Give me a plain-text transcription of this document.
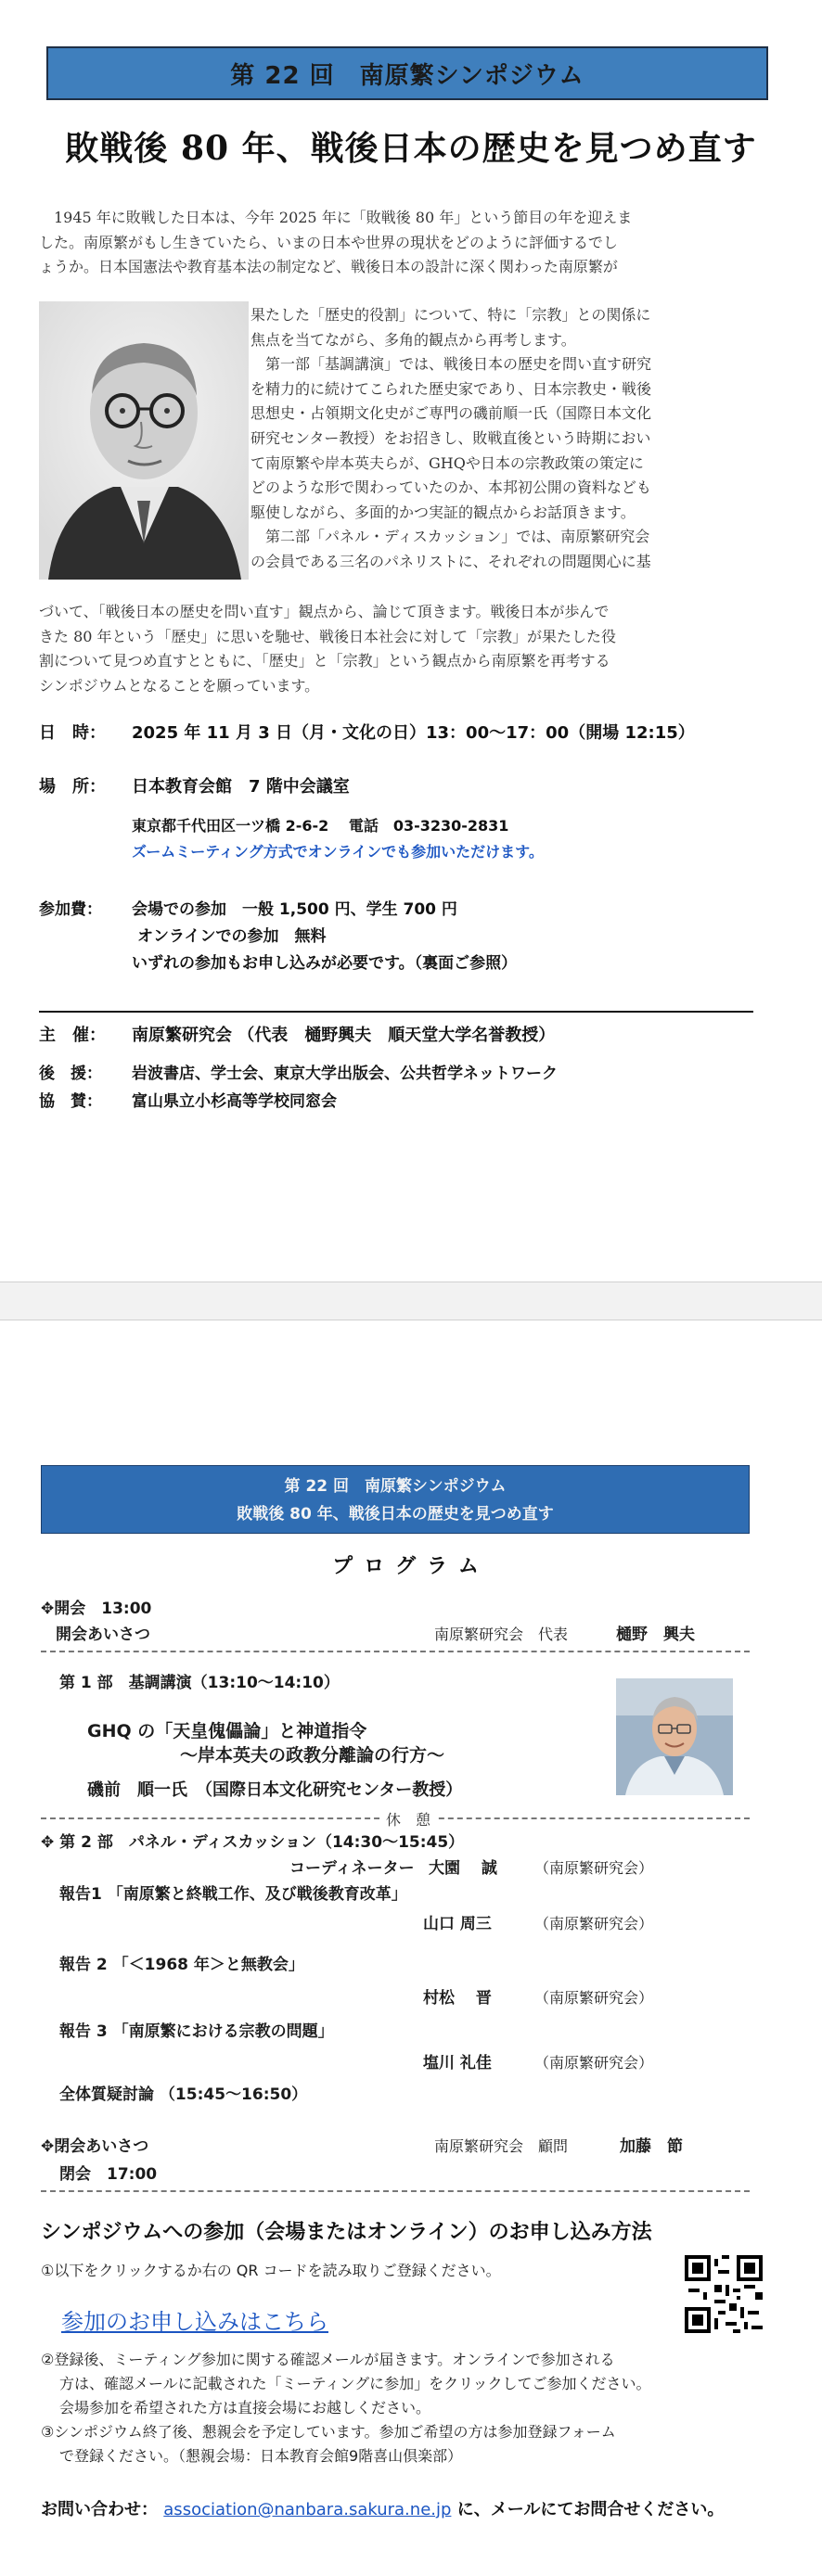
第 22 回　南原繁シンポジウム
敗戦後 80 年、戦後日本の歴史を見つめ直す

1945 年に敗戦した日本は、今年 2025 年に「敗戦後 80 年」という節目の年を迎えま

した。南原繁がもし生きていたら、いまの日本や世界の現状をどのように評価するでし

ょうか。日本国憲法や教育基本法の制定など、戦後日本の設計に深く関わった南原繁が

果たした「歴史的役割」について、特に「宗教」との関係に

焦点を当てながら、多角的観点から再考します。

第一部「基調講演」では、戦後日本の歴史を問い直す研究

を精力的に続けてこられた歴史家であり、日本宗教史・戦後

思想史・占領期文化史がご専門の磯前順一氏（国際日本文化

研究センター教授）をお招きし、敗戦直後という時期におい

て南原繁や岸本英夫らが、GHQや日本の宗教政策の策定に

どのような形で関わっていたのか、本邦初公開の資料なども

駆使しながら、多面的かつ実証的観点からお話頂きます。

第二部「パネル・ディスカッション」では、南原繁研究会

の会員である三名のパネリストに、それぞれの問題関心に基

づいて、「戦後日本の歴史を問い直す」観点から、論じて頂きます。戦後日本が歩んで

きた 80 年という「歴史」に思いを馳せ、戦後日本社会に対して「宗教」が果たした役

割について見つめ直すとともに、「歴史」と「宗教」という観点から南原繁を再考する

シンポジウムとなることを願っています。

日　時： 2025 年 11 月 3 日（月・文化の日）13：00～17：00（開場 12:15）
場　所： 日本教育会館　7 階中会議室
東京都千代田区一ツ橋 2-6-2　 電話　03-3230-2831
ズームミーティング方式でオンラインでも参加いただけます。
参加費： 会場での参加　一般 1,500 円、学生 700 円
オンラインでの参加　無料
いずれの参加もお申し込みが必要です。（裏面ご参照）
主　催： 南原繁研究会 （代表　樋野興夫　順天堂大学名誉教授）
後　援： 岩波書店、学士会、東京大学出版会、公共哲学ネットワーク
協　賛： 富山県立小杉高等学校同窓会
第 22 回　南原繁シンポジウム
敗戦後 80 年、戦後日本の歴史を見つめ直す
プログラム
✥開会　13:00
開会あいさつ	南原繁研究会　代表	樋野　興夫
第 1 部　基調講演（13:10～14:10）
GHQ の「天皇傀儡論」と神道指令
～岸本英夫の政教分離論の行方～
磯前　順一氏　（国際日本文化研究センター教授）
休　憩
✥ 第 2 部　パネル・ディスカッション（14:30～15:45）
コーディネーター 大園　 誠	（南原繁研究会）
報告1 「南原繁と終戦工作、及び戦後教育改革」
山口 周三	（南原繁研究会）
報告 2 「＜1968 年＞と無教会」
村松　 晋	（南原繁研究会）
報告 3 「南原繁における宗教の問題」
塩川 礼佳	（南原繁研究会）
全体質疑討論 （15:45～16:50）
✥閉会あいさつ	南原繁研究会　顧問	加藤　節
閉会　17:00
シンポジウムへの参加（会場またはオンライン）のお申し込み方法
①以下をクリックするか右の QR コードを読み取りご登録ください。
参加のお申し込みはこちら
②登録後、ミーティング参加に関する確認メールが届きます。オンラインで参加される
方は、確認メールに記載された「ミーティングに参加」をクリックしてご参加ください。
会場参加を希望された方は直接会場にお越しください。
③シンポジウム終了後、懇親会を予定しています。参加ご希望の方は参加登録フォーム
で登録ください。（懇親会場：日本教育会館9階喜山倶楽部）
お問い合わせ： association@nanbara.sakura.ne.jp に、メールにてお問合せください。
